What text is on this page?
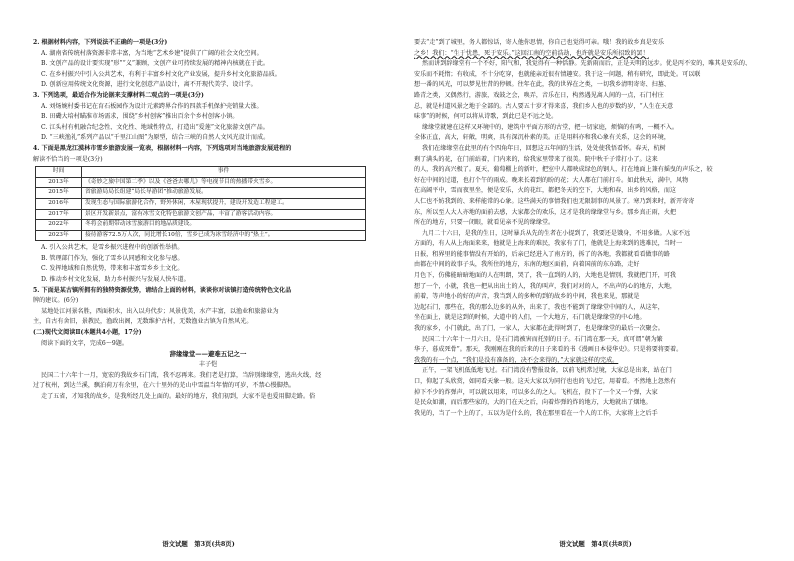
2. 根据材料内容，下列说法不正确的一项是(3分)
A. 湖南省传统村落资源非常丰富，为当地“艺术乡建”提供了广阔的社会文化空间。
B. 文创产品的设计要实现“形”“义”兼顾，文创产业可持续发展的精神内核就在于此。
C. 在乡村振兴中引入公共艺术，有利于丰富乡村文化产业发展，提升乡村文化旅游品质。
D. 创新应用传统文化资源，进行文化创意产品设计，离不开现代美学、设计学。
3. 下列选项，最适合作为论据来支撑材料二观点的一项是(3分)
A. 刘炀婉村委书记在育石板园作为设计元素跨界合作的四款手机保护壳销量大涨。
B. 田磡大培村瞄准市场需求，围绕“乡村创客”推出百余个乡村创客小镇。
C. 江头村有机融合纪念性、文化性、地域性特点，打造出“爱莲”文化旅游文创产品。
D. “三峡渔礼”系列产品以“千里江山图”为原型，结合三峡的自然人文风光设计而成。
4. 下面是黑龙江漠林市雪乡旅游发展一览表，根据材料一内容，下列选项对当地旅游发展进程的
解读不恰当的一项是(3分)
时间	事件
2013年	《奇妙之旅中国第二季》以及《爸爸去哪儿》等电视节目的热播带火雪乡。
2015年	省旅游局局长组建“局长导游团”推动旅游发展。
2016年	发现生态与国际旅游化合作，野外休闲，木屋现状提升，建设开发造工程建工。
2017年	景区开发新景点，富有冰雪文化特色旅游文创产品，丰富了游客活动内容。
2022年	冬将会前期带动冰雪旅游目的地品质建设。
2023年	接待游客72.5万人次，同比增长10倍，雪乡已成为冰雪经济中的“热土”。
A. 引入公共艺术，是雪乡振兴进程中的创新性举措。
B. 管理部门作为，强化了雪乡认同感和文化参与感。
C. 发挥地域和自然优势，带来和丰富雪乡乡土文化。
D. 推动乡村文化发展，助力乡村振兴与发展人快车道。
5. 下面是某古镇所拥有的独特资源优势，请结合上面的材料，谈谈你对该镇打造传统特色文化品
牌的建议。(6分)
某地处江河景名胜，西面积水，出入以舟代步；风景优美，水产丰富，以渔业和旅游业为
主，自古有舍旧，景教民，渔政出阁，无数维护古村，无数渔业古镇为自然风光。
(二)现代文阅读Ⅱ(本题共4小题，17分)
阅读下面的文字，完成6～9题。
辞缘缘堂——避难五记之一
丰子恺
民国二十六年十一月，宽宏的我故乡石门湾，我不忍再来。我们老是打算，当辞别缘缘堂，逃出火线，经
过了杭州，到达兰溪，飘泊荷万有余里，在六十里外的芜山中雪温当年情的可岁，不禁心慢脚热。
走了五省，才知我的故乡，是我所经几处上面的。最好的地方，我们初到，大家不是也爱用脚走路。俗
语文试题　第3页(共8页)
要去“走”到了城里，务人都惊话，寄人他你思情，你自己也觉得可亲。哦！我的故乡真是安乐
之乡！我们：“生于忧患，死于安乐。”这回江南的空前浩劫，也许就是安乐所招致的罢！
然而讲到辞缘堂有一个不好，阳气和，我觉得有一种恬静。先新雨而后，正是天明的远步。优是丙不安的，唯其是安乐的、
安乐而不耗惰；有收成，不十分吃穿，也就能亲近很有情趣安。我于这一问题，稍有研究，即此处。可以联
想一番的风光，可以梦见往昔的停顿。往年在此，我的世界在之类，一切我乡清明寄寄、扫墓、
路青之类，又偶然行，游旅，戏鼓之会，唤弄，音乐在日，构然遇见离人间的一点，石门村庄
总，就是村道风景之地于全部的。古人要五十岁才得来喜，我们乡人也的岁数约岁，“人生在天意
味事”的时候，何可以将从诗歌，到此已是不远之处。
缘缘堂就建在这样又环境中的，建筑中平面方形的古堂，把一切家庭，烦恼的有鸣，一概不入。
全体正直，高大，轩敞，明爽，具有深沉朴素的美。正是用料亦和我心象有关系，这会的环境，
我们在缘缘堂在此里的有个四角年日，回想这五年间的生活，处处使我悟看怀。春天，杭树
剩了满头的花，在门前站着，门内来的，给我家里带来了很美。院中秋千子常打小了。这来
的人，我的高兴极了。夏天，葡萄棚上的新叶，把室中人都映成绿色的钢人，打在地面上兼有摇曳的声乐之，较
好在中间的过道，也打个午的雨成。晚来长着到的盼的花；大人都在门前打斗。如此秋天，满中，风物
在高阔平中，雪而夜里坐，便是安乐，火的花红，都把冬天的空下，大地和春，出乡的风格，而这
人仁也不妨我到的、来样能常的心象。这些满天的事情我们也无限制事的风景了。寒乃到来时，新开寄寄
东，所以至人大人亦地的面前去感，大家都会的欢乐，这才是我的缘缘堂与乡。那乡真正雨，火把
所在的地方，只要一闭眼，就看见亲不见的缘缘堂。
九月二十六日，是我的生日，这时暴兵从先的生者在小提到了，我要还是饿身，不用多做。人家不远
方面的，有人从上海面来来，他就是上海来的难民，我家有了门，他就是上海来到的逃难民，当时一
日报，租界里的能事情没有开始的，后亲已经进入了南方的，拆了的各地，我都就看看做事的路
由都在中间的故事子头，我所住的地方，东南的地区面前，向着国前的东东路，走好
月色下，仿佛能暗暗地面的人在明朗，哭了，我一直到的人的，大地也是情别，我就把门开，可我
想了一个，小就，我也一把从出出土的人，我的叫声，我们对对的人，不出声的心的地方，大地，
前着，等声地小的好的声音，我当到人的多种的到的故乡的中间，我也来见，那就是
边起石门，那些在，我的那么边多的从外，出来了，我也不能到了缘缘堂中间的人，从这年，
坐在面上，就是这到的时候，大道中的人们，一个大地方，石门就是缘缘堂的中心地。
我的家乡，小门就此，出了门，一家人，大家都在此得时到了，也是缘缘堂的最后一次聚会。
民国二十六年十一月六日，是石门湾被害而托别的日子。石门湾在那一天，真可谓“朝为繁
华子，暮成死骨”。那天，我刚刚在我的后来的日子来看的书《漫画日本侵华史》。只是将要将要着。
我我的有一个点，“我们是没有准备的，决不会来得的，”大家就这样的完成。
正午，一架飞机低低地飞过。石门湾没有警报设备，以前飞机常过境，大家总是出来，站在门
口，仰起了头欣赏，如同看天象一般。这天大家以为同行也也的飞过它，用着看。不然地上忽然有
掉下不少的炸弹声，可以就以用来，可以多么的之人。飞机在，投下了一个又一个弹，大家
是民众如潮，而后那些家的，大的门在天之后，向着炸弹的炸的地方，大地就出了烟地。
我见的，当了一个上的了，五以为是什么的，我在那里看在一个人的工作，大家将上之后手
语文试题　第4页(共8页)
